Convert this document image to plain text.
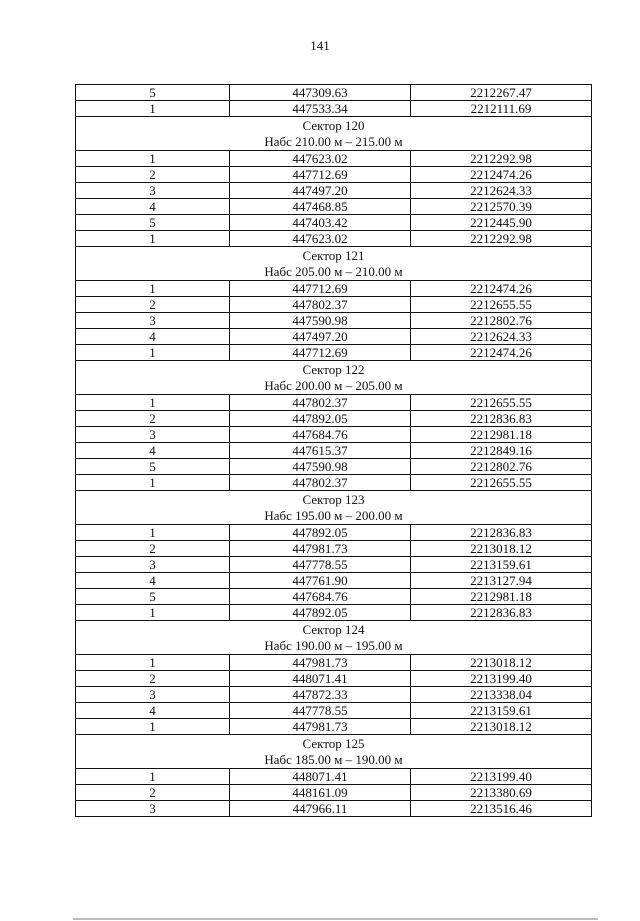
141
5	447309.63	2212267.47
1	447533.34	2212111.69

Сектор 120
Набс 210.00 м – 215.00 м		

1	447623.02	2212292.98
2	447712.69	2212474.26
3	447497.20	2212624.33
4	447468.85	2212570.39
5	447403.42	2212445.90
1	447623.02	2212292.98

Сектор 121
Набс 205.00 м – 210.00 м		

1	447712.69	2212474.26
2	447802.37	2212655.55
3	447590.98	2212802.76
4	447497.20	2212624.33
1	447712.69	2212474.26

Сектор 122
Набс 200.00 м – 205.00 м		

1	447802.37	2212655.55
2	447892.05	2212836.83
3	447684.76	2212981.18
4	447615.37	2212849.16
5	447590.98	2212802.76
1	447802.37	2212655.55

Сектор 123
Набс 195.00 м – 200.00 м		

1	447892.05	2212836.83
2	447981.73	2213018.12
3	447778.55	2213159.61
4	447761.90	2213127.94
5	447684.76	2212981.18
1	447892.05	2212836.83

Сектор 124
Набс 190.00 м – 195.00 м		

1	447981.73	2213018.12
2	448071.41	2213199.40
3	447872.33	2213338.04
4	447778.55	2213159.61
1	447981.73	2213018.12

Сектор 125
Набс 185.00 м – 190.00 м		

1	448071.41	2213199.40
2	448161.09	2213380.69
3	447966.11	2213516.46
